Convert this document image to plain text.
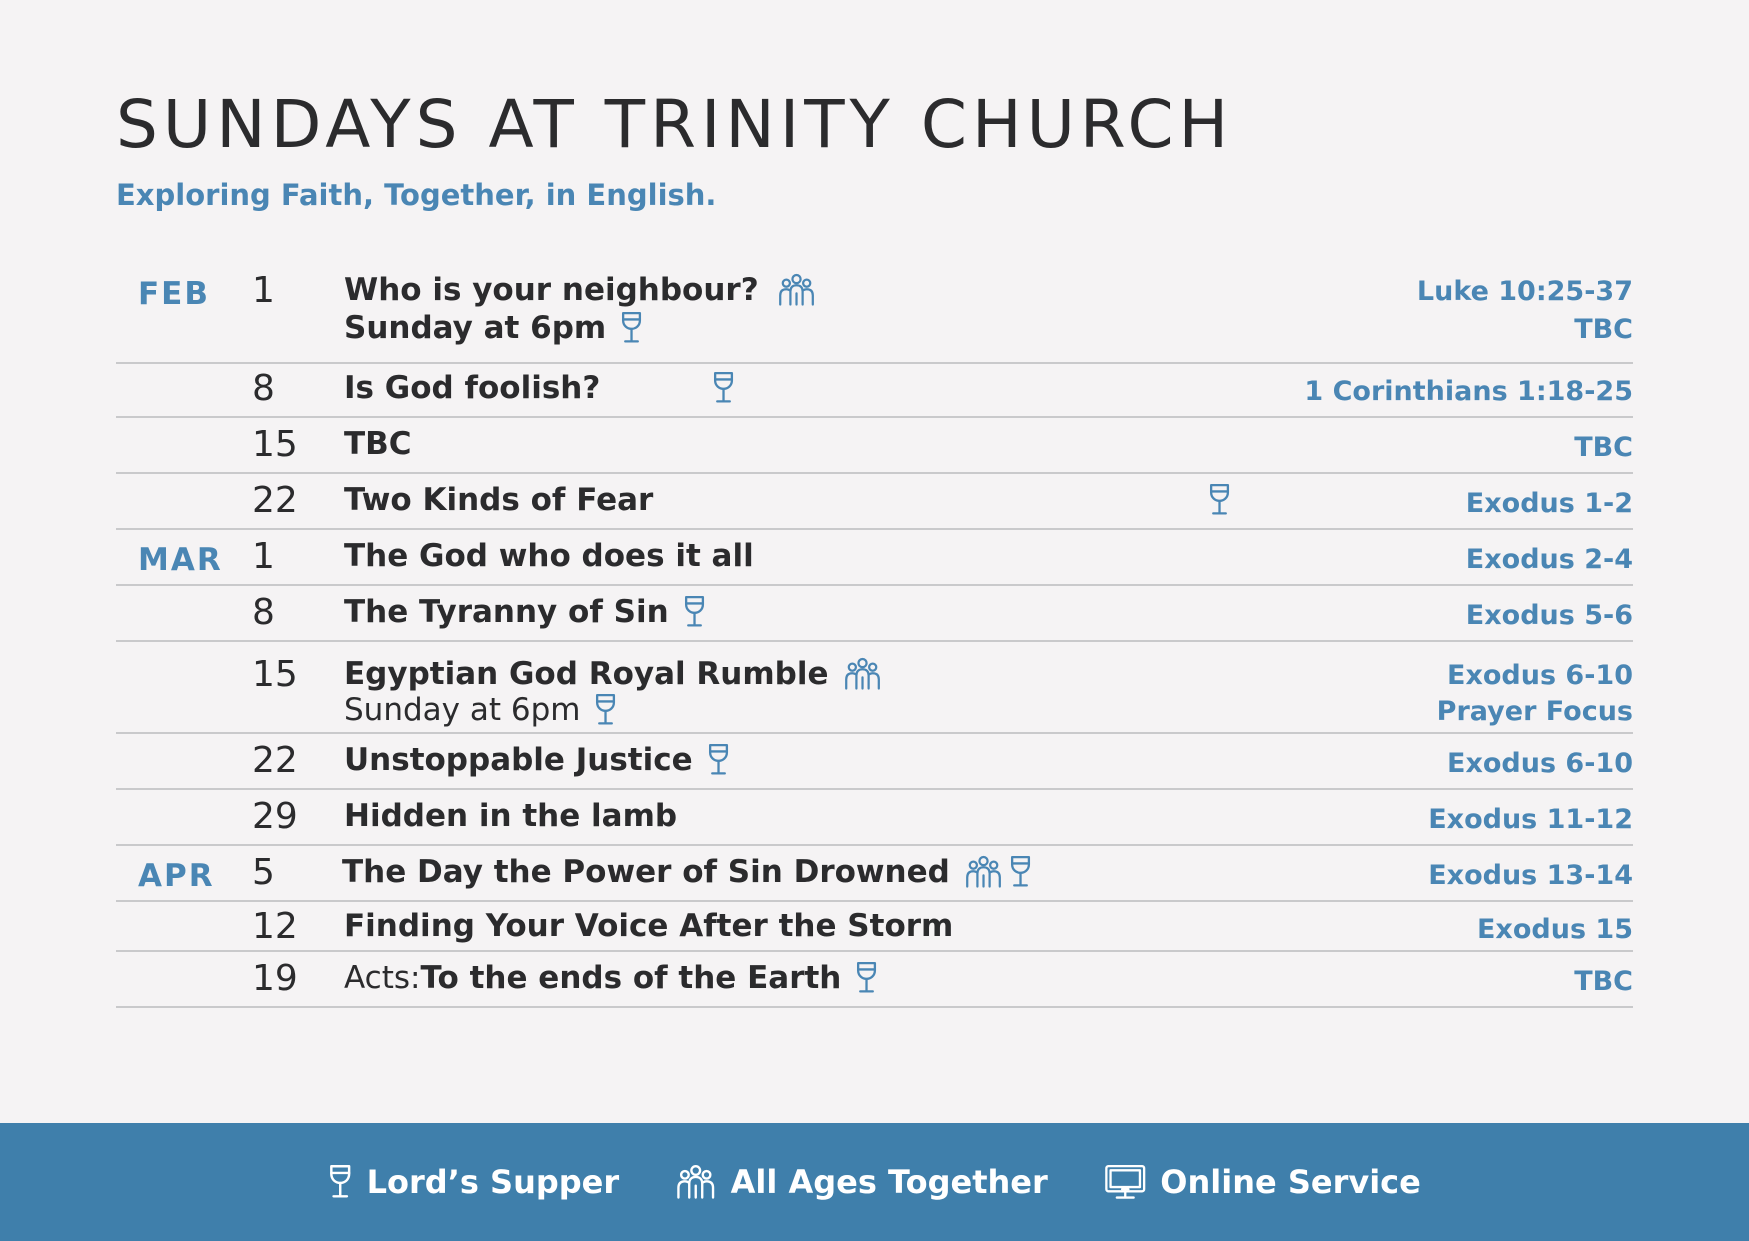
SUNDAYS AT TRINITY CHURCH
Exploring Faith, Together, in English.
FEB 1 Who is your neighbour?	Luke 10:25-37
Sunday at 6pm	TBC
8 Is God foolish?	1 Corinthians 1:18-25
15 TBC	TBC
22 Two Kinds of Fear	Exodus 1-2
MAR 1 The God who does it all	Exodus 2-4
8 The Tyranny of Sin	Exodus 5-6
15 Egyptian God Royal Rumble	Exodus 6-10
Sunday at 6pm	Prayer Focus
22 Unstoppable Justice	Exodus 6-10
29 Hidden in the lamb	Exodus 11-12
APR 5 The Day the Power of Sin Drowned	Exodus 13-14
12 Finding Your Voice After the Storm	Exodus 15
19 Acts: To the ends of the Earth	TBC
Lord’s Supper	All Ages Together	Online Service
